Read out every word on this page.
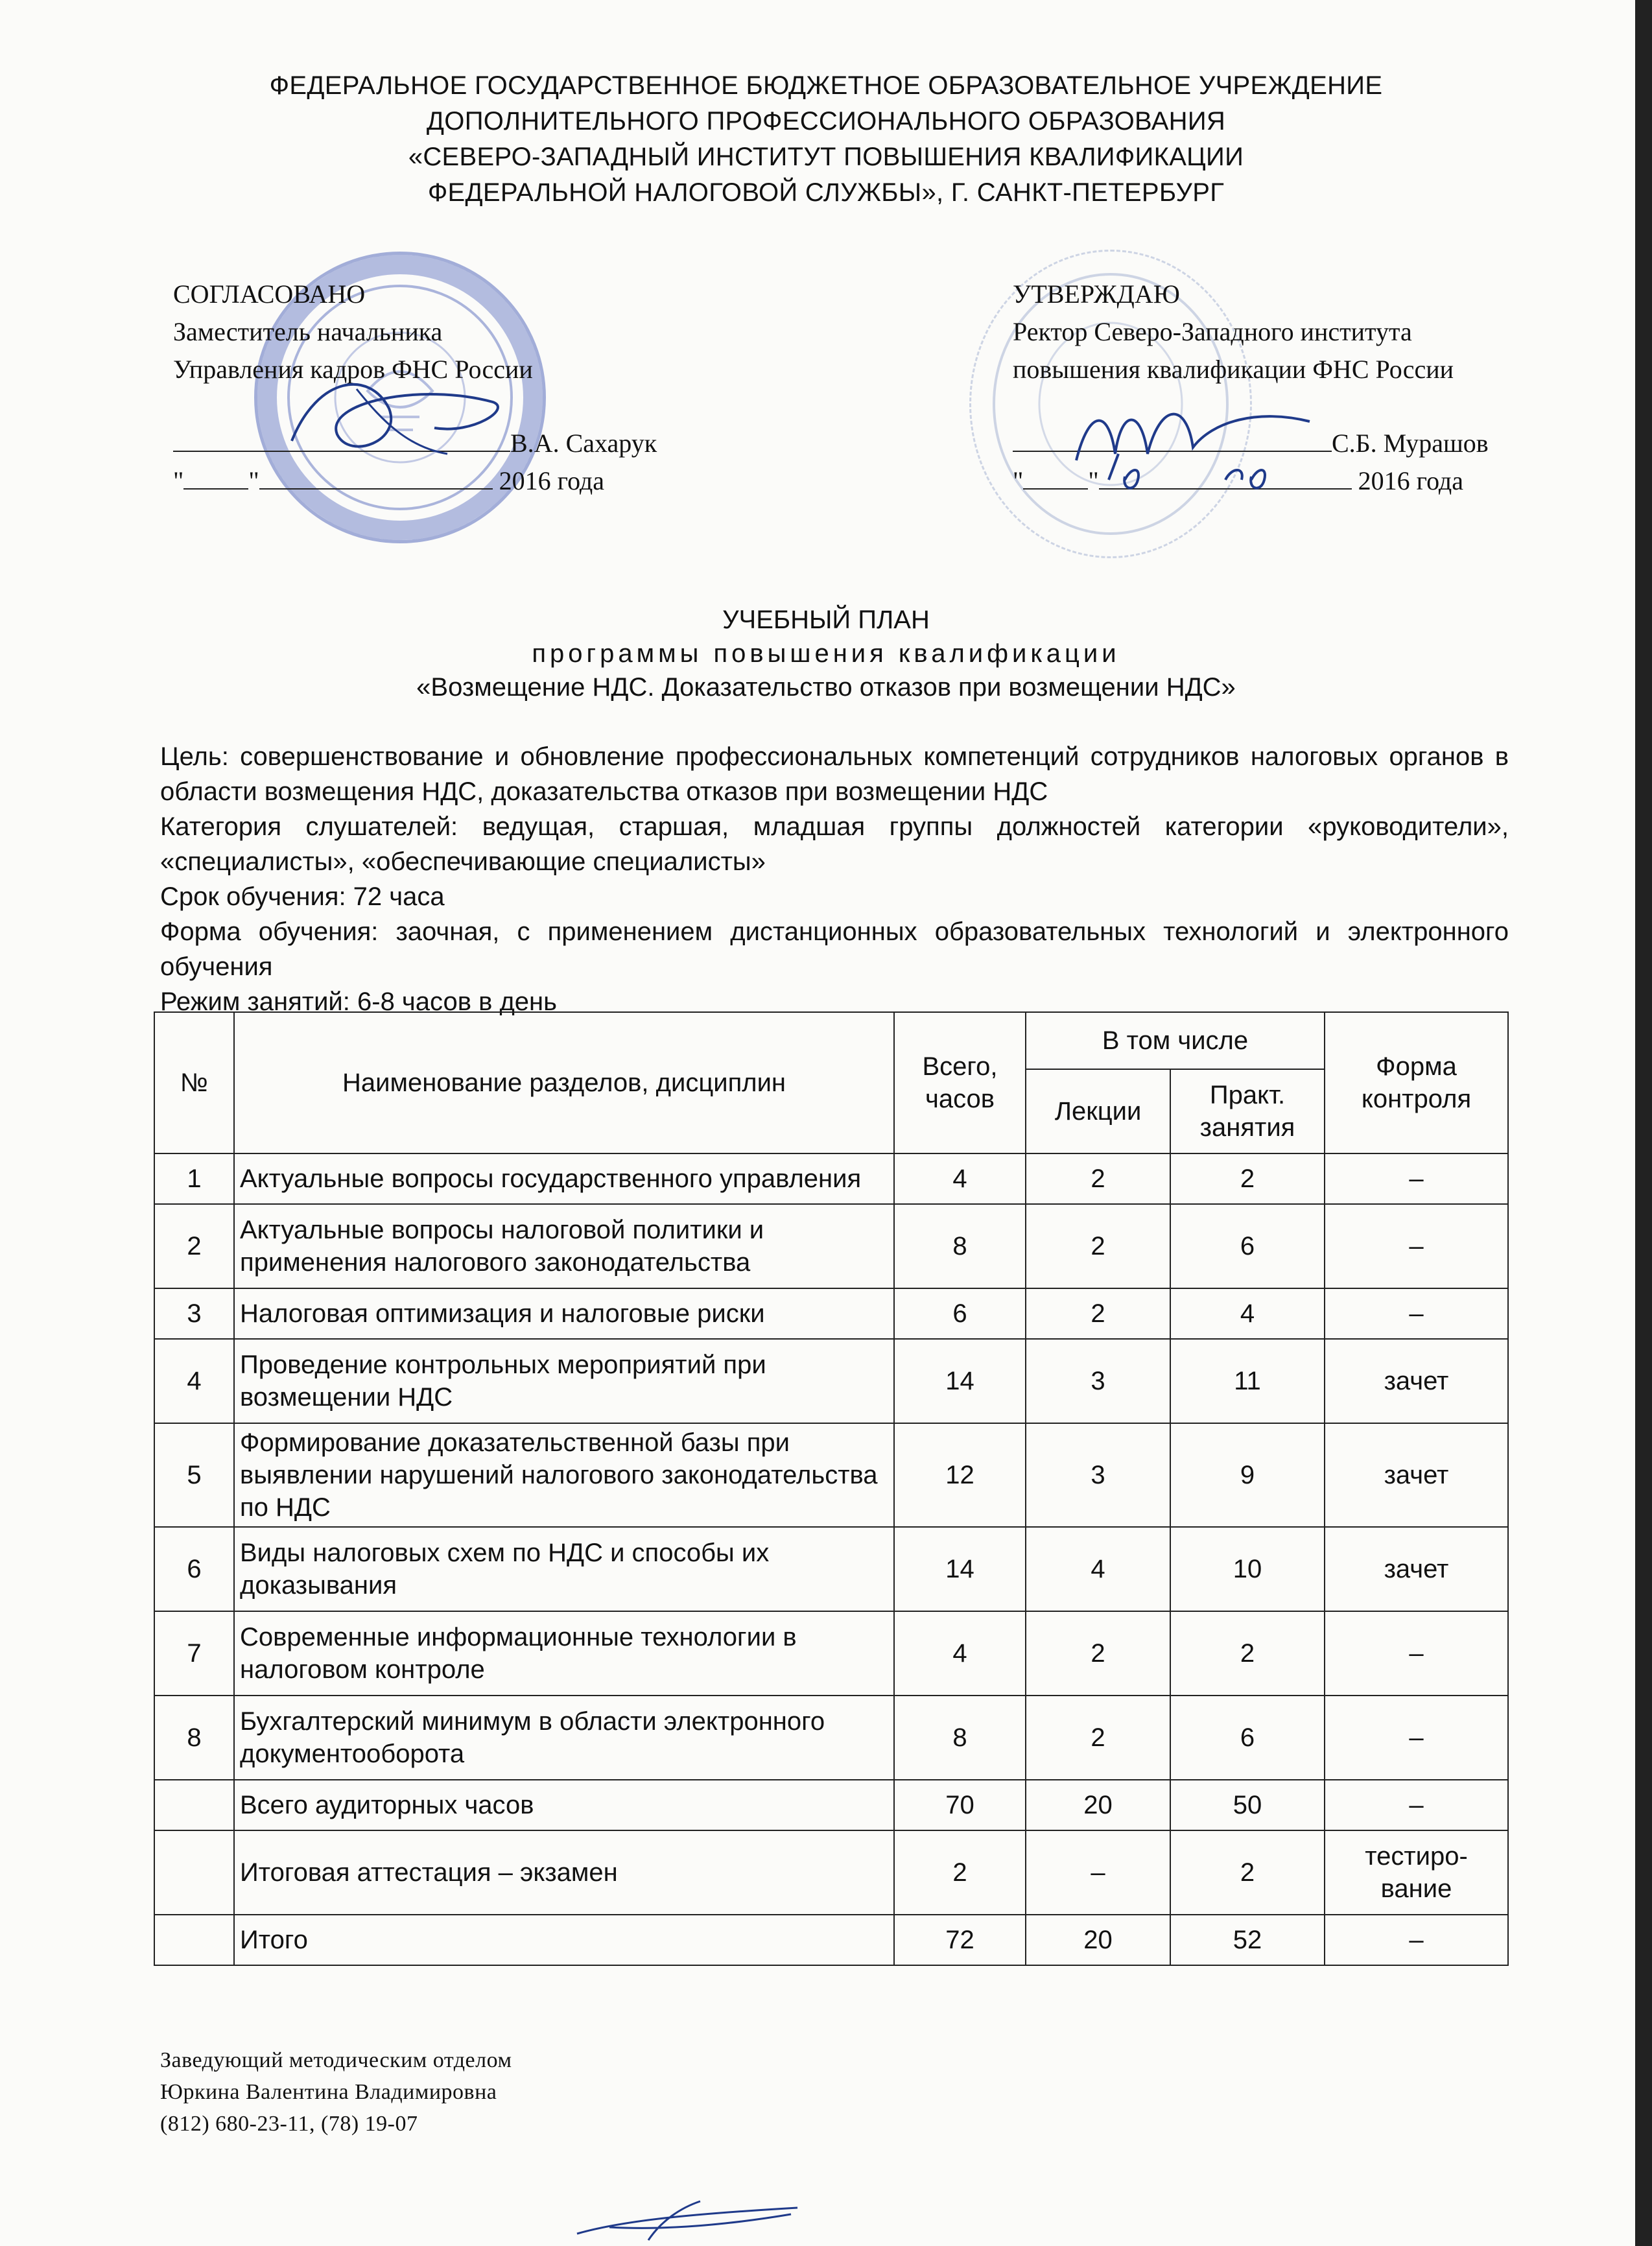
ФЕДЕРАЛЬНОЕ ГОСУДАРСТВЕННОЕ БЮДЖЕТНОЕ ОБРАЗОВАТЕЛЬНОЕ УЧРЕЖДЕНИЕ
ДОПОЛНИТЕЛЬНОГО ПРОФЕССИОНАЛЬНОГО ОБРАЗОВАНИЯ
«СЕВЕРО-ЗАПАДНЫЙ ИНСТИТУТ ПОВЫШЕНИЯ КВАЛИФИКАЦИИ
ФЕДЕРАЛЬНОЙ НАЛОГОВОЙ СЛУЖБЫ», Г. САНКТ-ПЕТЕРБУРГ
СОГЛАСОВАНО
Заместитель начальника
Управления кадров ФНС России
В.А. Сахарук
"	"	2016 года
УТВЕРЖДАЮ
Ректор Северо-Западного института
повышения квалификации ФНС России
С.Б. Мурашов
"	"	2016 года
УЧЕБНЫЙ ПЛАН
программы повышения квалификации
«Возмещение НДС. Доказательство отказов при возмещении НДС»

Цель: совершенствование и обновление профессиональных компетенций сотрудников налоговых органов в области возмещения НДС, доказательства отказов при возмещении НДС

Категория слушателей: ведущая, старшая, младшая группы должностей категории «руководители», «специалисты», «обеспечивающие специалисты»

Срок обучения: 72 часа

Форма обучения: заочная, с применением дистанционных образовательных технологий и электронного обучения

Режим занятий: 6-8 часов в день

№	Наименование разделов, дисциплин	Всего, часов	В том числе		Форма контроля
			Лекции	Практ. занятия	
1	Актуальные вопросы государственного управления	4	2	2	–
2	Актуальные вопросы налоговой политики и применения налогового законодательства	8	2	6	–
3	Налоговая оптимизация и налоговые риски	6	2	4	–
4	Проведение контрольных мероприятий при возмещении НДС	14	3	11	зачет
5	Формирование доказательственной базы при выявлении нарушений налогового законодательства по НДС	12	3	9	зачет
6	Виды налоговых схем по НДС и способы их доказывания	14	4	10	зачет
7	Современные информационные технологии в налоговом контроле	4	2	2	–
8	Бухгалтерский минимум в области электронного документооборота	8	2	6	–
	Всего аудиторных часов	70	20	50	–
	Итоговая аттестация – экзамен	2	–	2	тестиро-вание
	Итого	72	20	52	–
Заведующий методическим отделом
Юркина Валентина Владимировна
(812) 680-23-11, (78) 19-07
